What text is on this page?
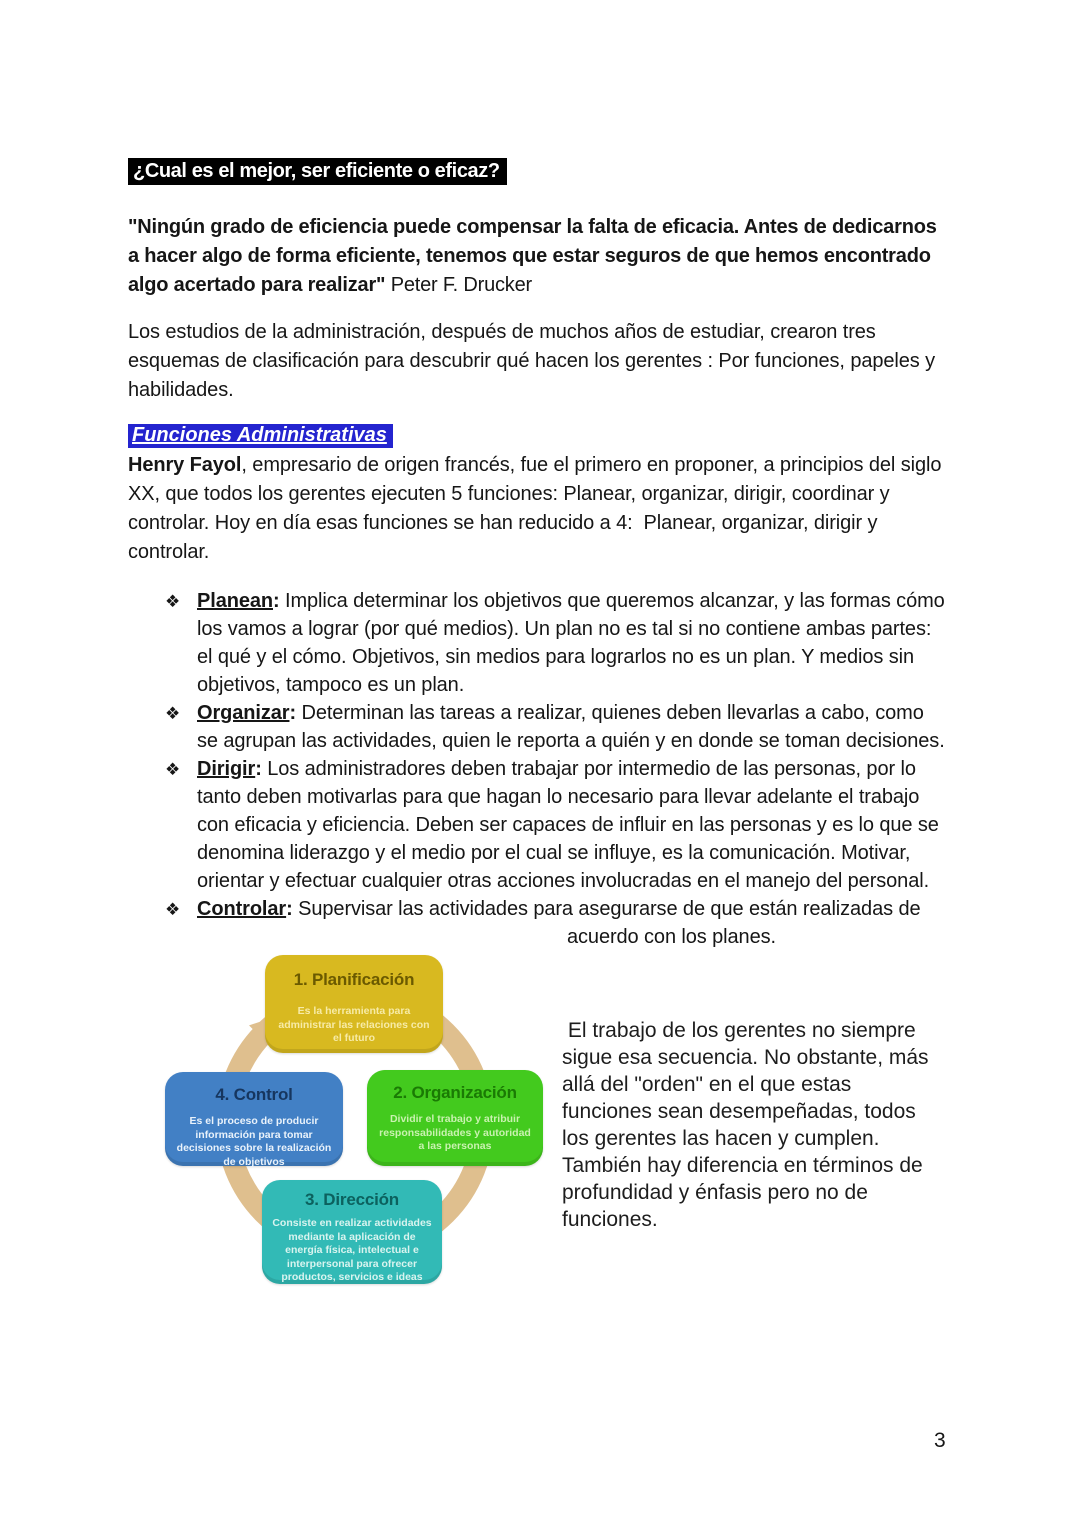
¿Cual es el mejor, ser eficiente o eficaz?

"Ningún grado de eficiencia puede compensar la falta de eficacia. Antes de dedicarnos a hacer algo de forma eficiente, tenemos que estar seguros de que hemos encontrado algo acertado para realizar" Peter F. Drucker

Los estudios de la administración, después de muchos años de estudiar, crearon tres esquemas de clasificación para descubrir qué hacen los gerentes : Por funciones, papeles y habilidades.

Funciones Administrativas

Henry Fayol, empresario de origen francés, fue el primero en proponer, a principios del siglo XX, que todos los gerentes ejecuten 5 funciones: Planear, organizar, dirigir, coordinar y controlar. Hoy en día esas funciones se han reducido a 4:  Planear, organizar, dirigir y controlar.

❖ Planean: Implica determinar los objetivos que queremos alcanzar, y las formas cómo los vamos a lograr (por qué medios). Un plan no es tal si no contiene ambas partes: el qué y el cómo. Objetivos, sin medios para lograrlos no es un plan. Y medios sin objetivos, tampoco es un plan.
❖ Organizar: Determinan las tareas a realizar, quienes deben llevarlas a cabo, como se agrupan las actividades, quien le reporta a quién y en donde se toman decisiones.
❖ Dirigir: Los administradores deben trabajar por intermedio de las personas, por lo tanto deben motivarlas para que hagan lo necesario para llevar adelante el trabajo con eficacia y eficiencia. Deben ser capaces de influir en las personas y es lo que se denomina liderazgo y el medio por el cual se influye, es la comunicación. Motivar, orientar y efectuar cualquier otras acciones involucradas en el manejo del personal.
❖ Controlar: Supervisar las actividades para asegurarse de que están realizadas de
acuerdo con los planes.
1. Planificación
Es la herramienta para administrar las relaciones con el futuro
4. Control
Es el proceso de producir información para tomar decisiones sobre la realización de objetivos
2. Organización
Dividir el trabajo y atribuir responsabilidades y autoridad a las personas
3. Dirección
Consiste en realizar actividades mediante la aplicación de energía física, intelectual e interpersonal para ofrecer productos, servicios e ideas
El trabajo de los gerentes no siempre sigue esa secuencia. No obstante, más allá del "orden" en el que estas funciones sean desempeñadas, todos los gerentes las hacen y cumplen. También hay diferencia en términos de profundidad y énfasis pero no de funciones.
3
